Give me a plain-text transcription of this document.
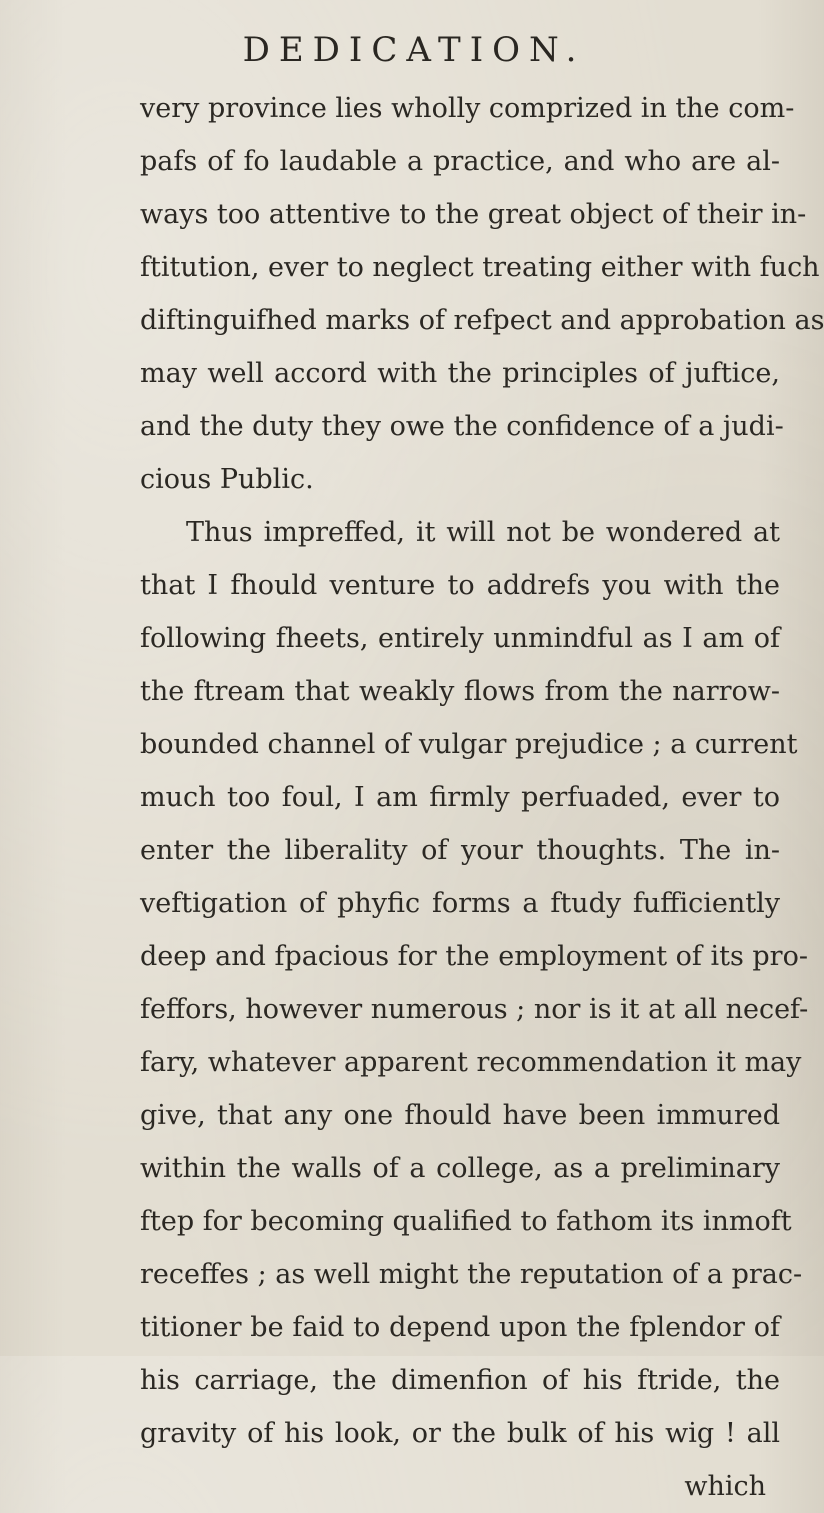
DEDICATION.
very province lies wholly comprized in the com-
pafs of fo laudable a practice, and who are al-
ways too attentive to the great object of their in-
ftitution, ever to neglect treating either with fuch
diftinguifhed marks of refpect and approbation as
may well accord with the principles of juftice,
and the duty they owe the confidence of a judi-
cious Public.
Thus impreffed, it will not be wondered at
that I fhould venture to addrefs you with the
following fheets, entirely unmindful as I am of
the ftream that weakly flows from the narrow-
bounded channel of vulgar prejudice ; a current
much too foul, I am firmly perfuaded, ever to
enter the liberality of your thoughts. The in-
veftigation of phyfic forms a ftudy fufficiently
deep and fpacious for the employment of its pro-
feffors, however numerous ; nor is it at all necef-
fary, whatever apparent recommendation it may
give, that any one fhould have been immured
within the walls of a college, as a preliminary
ftep for becoming qualified to fathom its inmoft
receffes ; as well might the reputation of a prac-
titioner be faid to depend upon the fplendor of
his carriage, the dimenfion of his ftride, the
gravity of his look, or the bulk of his wig ! all
which
